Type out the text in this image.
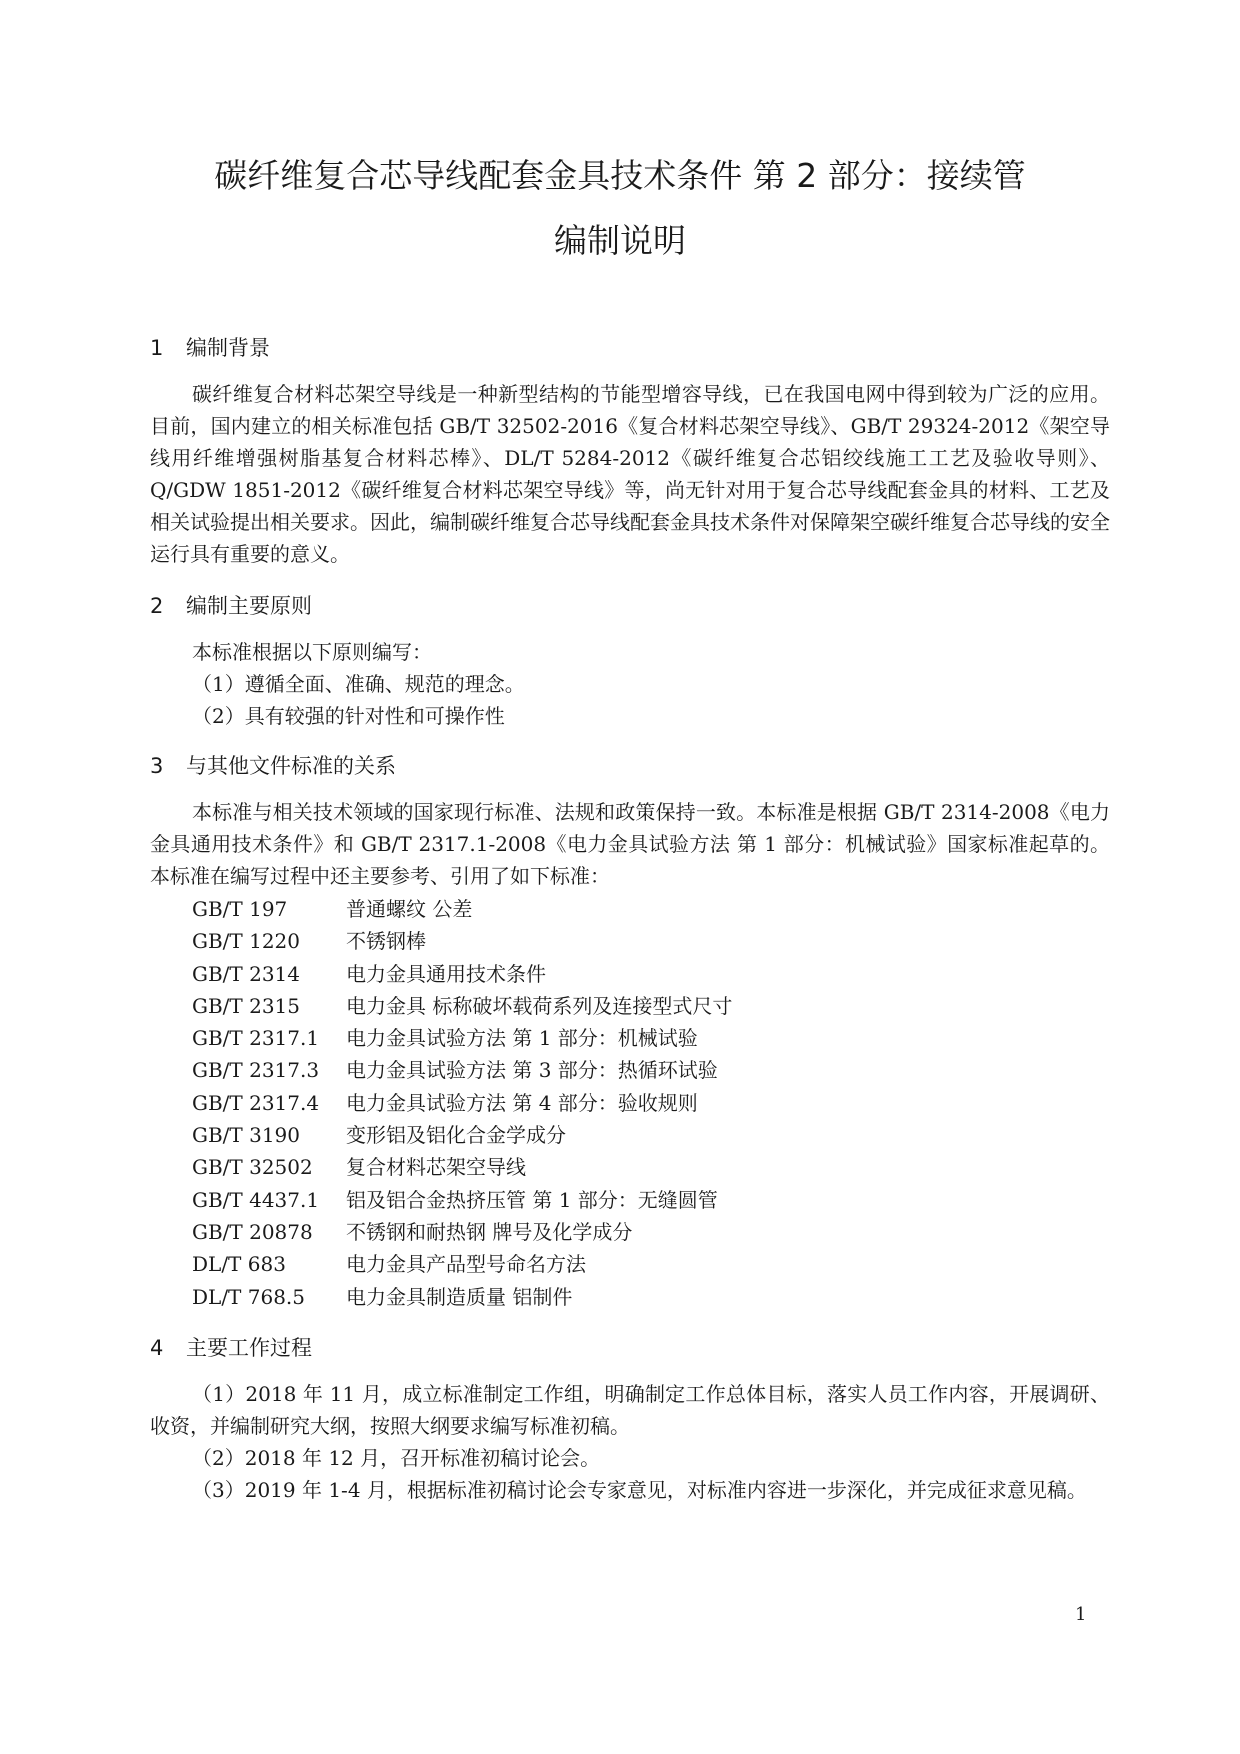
碳纤维复合芯导线配套金具技术条件 第 2 部分：接续管
编制说明
1 编制背景

碳纤维复合材料芯架空导线是一种新型结构的节能型增容导线，已在我国电网中得到较为广泛的应用。目前，国内建立的相关标准包括 GB/T 32502-2016《复合材料芯架空导线》、GB/T 29324-2012《架空导线用纤维增强树脂基复合材料芯棒》、DL/T 5284-2012《碳纤维复合芯铝绞线施工工艺及验收导则》、Q/GDW 1851-2012《碳纤维复合材料芯架空导线》等，尚无针对用于复合芯导线配套金具的材料、工艺及相关试验提出相关要求。因此，编制碳纤维复合芯导线配套金具技术条件对保障架空碳纤维复合芯导线的安全运行具有重要的意义。

2 编制主要原则

本标准根据以下原则编写：

（1）遵循全面、准确、规范的理念。

（2）具有较强的针对性和可操作性

3 与其他文件标准的关系

本标准与相关技术领域的国家现行标准、法规和政策保持一致。本标准是根据 GB/T 2314-2008《电力金具通用技术条件》和 GB/T 2317.1-2008《电力金具试验方法 第 1 部分：机械试验》国家标准起草的。本标准在编写过程中还主要参考、引用了如下标准：

GB/T 197	普通螺纹 公差
GB/T 1220 不锈钢棒
GB/T 2314 电力金具通用技术条件
GB/T 2315 电力金具 标称破坏载荷系列及连接型式尺寸
GB/T 2317.1 电力金具试验方法 第 1 部分：机械试验
GB/T 2317.3 电力金具试验方法 第 3 部分：热循环试验
GB/T 2317.4 电力金具试验方法 第 4 部分：验收规则
GB/T 3190 变形铝及铝化合金学成分
GB/T 32502 复合材料芯架空导线
GB/T 4437.1 铝及铝合金热挤压管 第 1 部分：无缝圆管
GB/T 20878 不锈钢和耐热钢 牌号及化学成分
DL/T 683	电力金具产品型号命名方法
DL/T 768.5 电力金具制造质量 铝制件
4 主要工作过程

（1）2018 年 11 月，成立标准制定工作组，明确制定工作总体目标，落实人员工作内容，开展调研、收资，并编制研究大纲，按照大纲要求编写标准初稿。

（2）2018 年 12 月，召开标准初稿讨论会。

（3）2019 年 1-4 月，根据标准初稿讨论会专家意见，对标准内容进一步深化，并完成征求意见稿。

1
